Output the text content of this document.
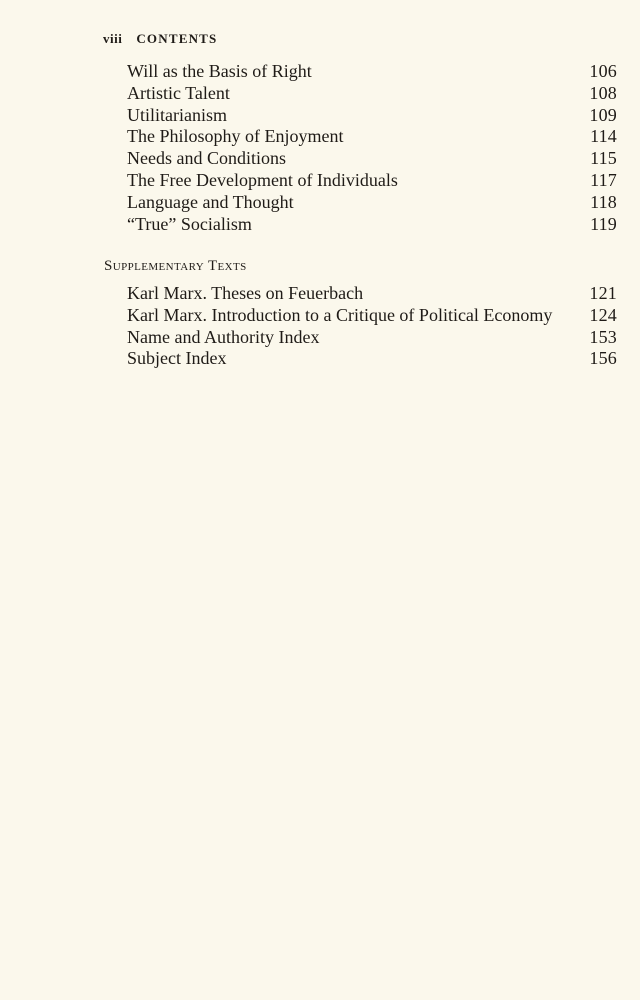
viii CONTENTS
Will as the Basis of Right	106
Artistic Talent	108
Utilitarianism	109
The Philosophy of Enjoyment	114
Needs and Conditions	115
The Free Development of Individuals	117
Language and Thought	118
“True” Socialism	119
Supplementary Texts
Karl Marx. Theses on Feuerbach	121
Karl Marx. Introduction to a Critique of Political Economy 124
Name and Authority Index	153
Subject Index	156
